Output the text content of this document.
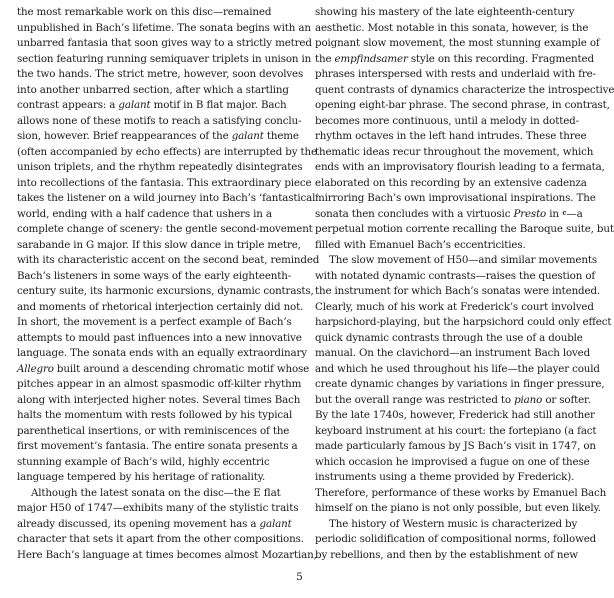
the most remarkable work on this disc—remained
unpublished in Bach’s lifetime. The sonata begins with an
unbarred fantasia that soon gives way to a strictly metred
section featuring running semiquaver triplets in unison in
the two hands. The strict metre, however, soon devolves
into another unbarred section, after which a startling
contrast appears: a galant motif in B flat major. Bach
allows none of these motifs to reach a satisfying conclu-
sion, however. Brief reappearances of the galant theme
(often accompanied by echo effects) are interrupted by the
unison triplets, and the rhythm repeatedly disintegrates
into recollections of the fantasia. This extraordinary piece
takes the listener on a wild journey into Bach’s ‘fantastical’
world, ending with a half cadence that ushers in a
complete change of scenery: the gentle second-movement
sarabande in G major. If this slow dance in triple metre,
with its characteristic accent on the second beat, reminded
Bach’s listeners in some ways of the early eighteenth-
century suite, its harmonic excursions, dynamic contrasts,
and moments of rhetorical interjection certainly did not.
In short, the movement is a perfect example of Bach’s
attempts to mould past influences into a new innovative
language. The sonata ends with an equally extraordinary
Allegro built around a descending chromatic motif whose
pitches appear in an almost spasmodic off-kilter rhythm
along with interjected higher notes. Several times Bach
halts the momentum with rests followed by his typical
parenthetical insertions, or with reminiscences of the
first movement’s fantasia. The entire sonata presents a
stunning example of Bach’s wild, highly eccentric
language tempered by his heritage of rationality.
Although the latest sonata on the disc—the E flat
major H50 of 1747—exhibits many of the stylistic traits
already discussed, its opening movement has a galant
character that sets it apart from the other compositions.
Here Bach’s language at times becomes almost Mozartian,
showing his mastery of the late eighteenth-century
aesthetic. Most notable in this sonata, however, is the
poignant slow movement, the most stunning example of
the empfindsamer style on this recording. Fragmented
phrases interspersed with rests and underlaid with fre-
quent contrasts of dynamics characterize the introspective
opening eight-bar phrase. The second phrase, in contrast,
becomes more continuous, until a melody in dotted-
rhythm octaves in the left hand intrudes. These three
thematic ideas recur throughout the movement, which
ends with an improvisatory flourish leading to a fermata,
elaborated on this recording by an extensive cadenza
mirroring Bach’s own improvisational inspirations. The
sonata then concludes with a virtuosic Presto in 𝄴—a
perpetual motion corrente recalling the Baroque suite, but
filled with Emanuel Bach’s eccentricities.
The slow movement of H50—and similar movements
with notated dynamic contrasts—raises the question of
the instrument for which Bach’s sonatas were intended.
Clearly, much of his work at Frederick’s court involved
harpsichord-playing, but the harpsichord could only effect
quick dynamic contrasts through the use of a double
manual. On the clavichord—an instrument Bach loved
and which he used throughout his life—the player could
create dynamic changes by variations in finger pressure,
but the overall range was restricted to piano or softer.
By the late 1740s, however, Frederick had still another
keyboard instrument at his court: the fortepiano (a fact
made particularly famous by JS Bach’s visit in 1747, on
which occasion he improvised a fugue on one of these
instruments using a theme provided by Frederick).
Therefore, performance of these works by Emanuel Bach
himself on the piano is not only possible, but even likely.
The history of Western music is characterized by
periodic solidification of compositional norms, followed
by rebellions, and then by the establishment of new
5
